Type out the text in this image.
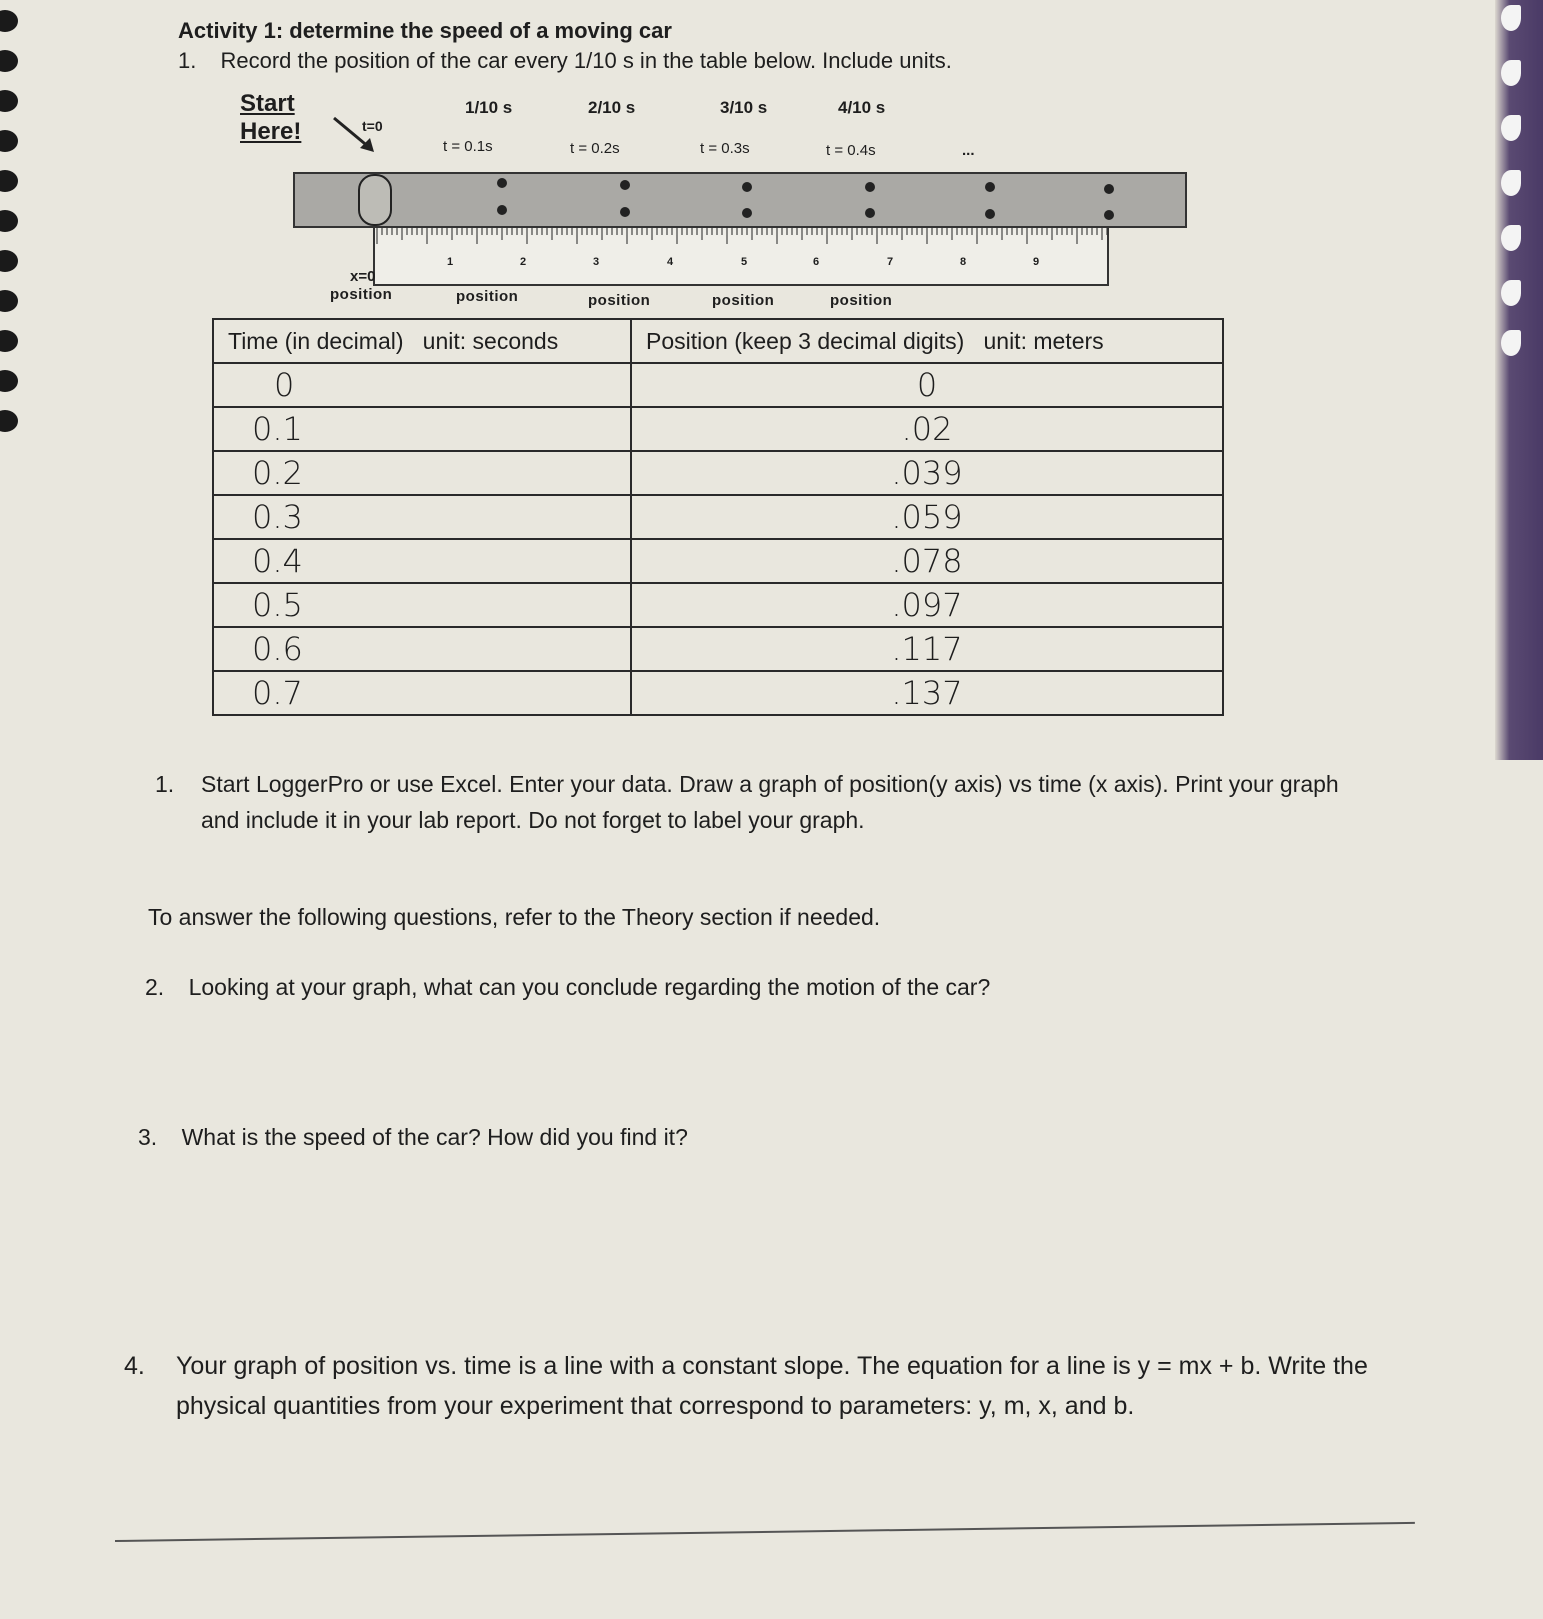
Activity 1: determine the speed of a moving car
1. Record the position of the car every 1/10 s in the table below. Include units.
Start
Here!	t=0
1/10 s	2/10 s	3/10 s	4/10 s
t = 0.1s	t = 0.2s	t = 0.3s	t = 0.4s	...
1	2	3	4	5	6	7	8	9
x=0
position	position	position	position	position
Time (in decimal)   unit: seconds	Position (keep 3 decimal digits)   unit: meters
0	0
0.1	.02
0.2	.039
0.3	.059
0.4	.078
0.5	.097
0.6	.117
0.7	.137
1. Start LoggerPro or use Excel. Enter your data. Draw a graph of position(y axis) vs time (x axis). Print your graph and include it in your lab report. Do not forget to label your graph.
To answer the following questions, refer to the Theory section if needed.
2. Looking at your graph, what can you conclude regarding the motion of the car?
3. What is the speed of the car? How did you find it?
4. Your graph of position vs. time is a line with a constant slope. The equation for a line is y = mx + b. Write the physical quantities from your experiment that correspond to parameters: y, m, x, and b.
